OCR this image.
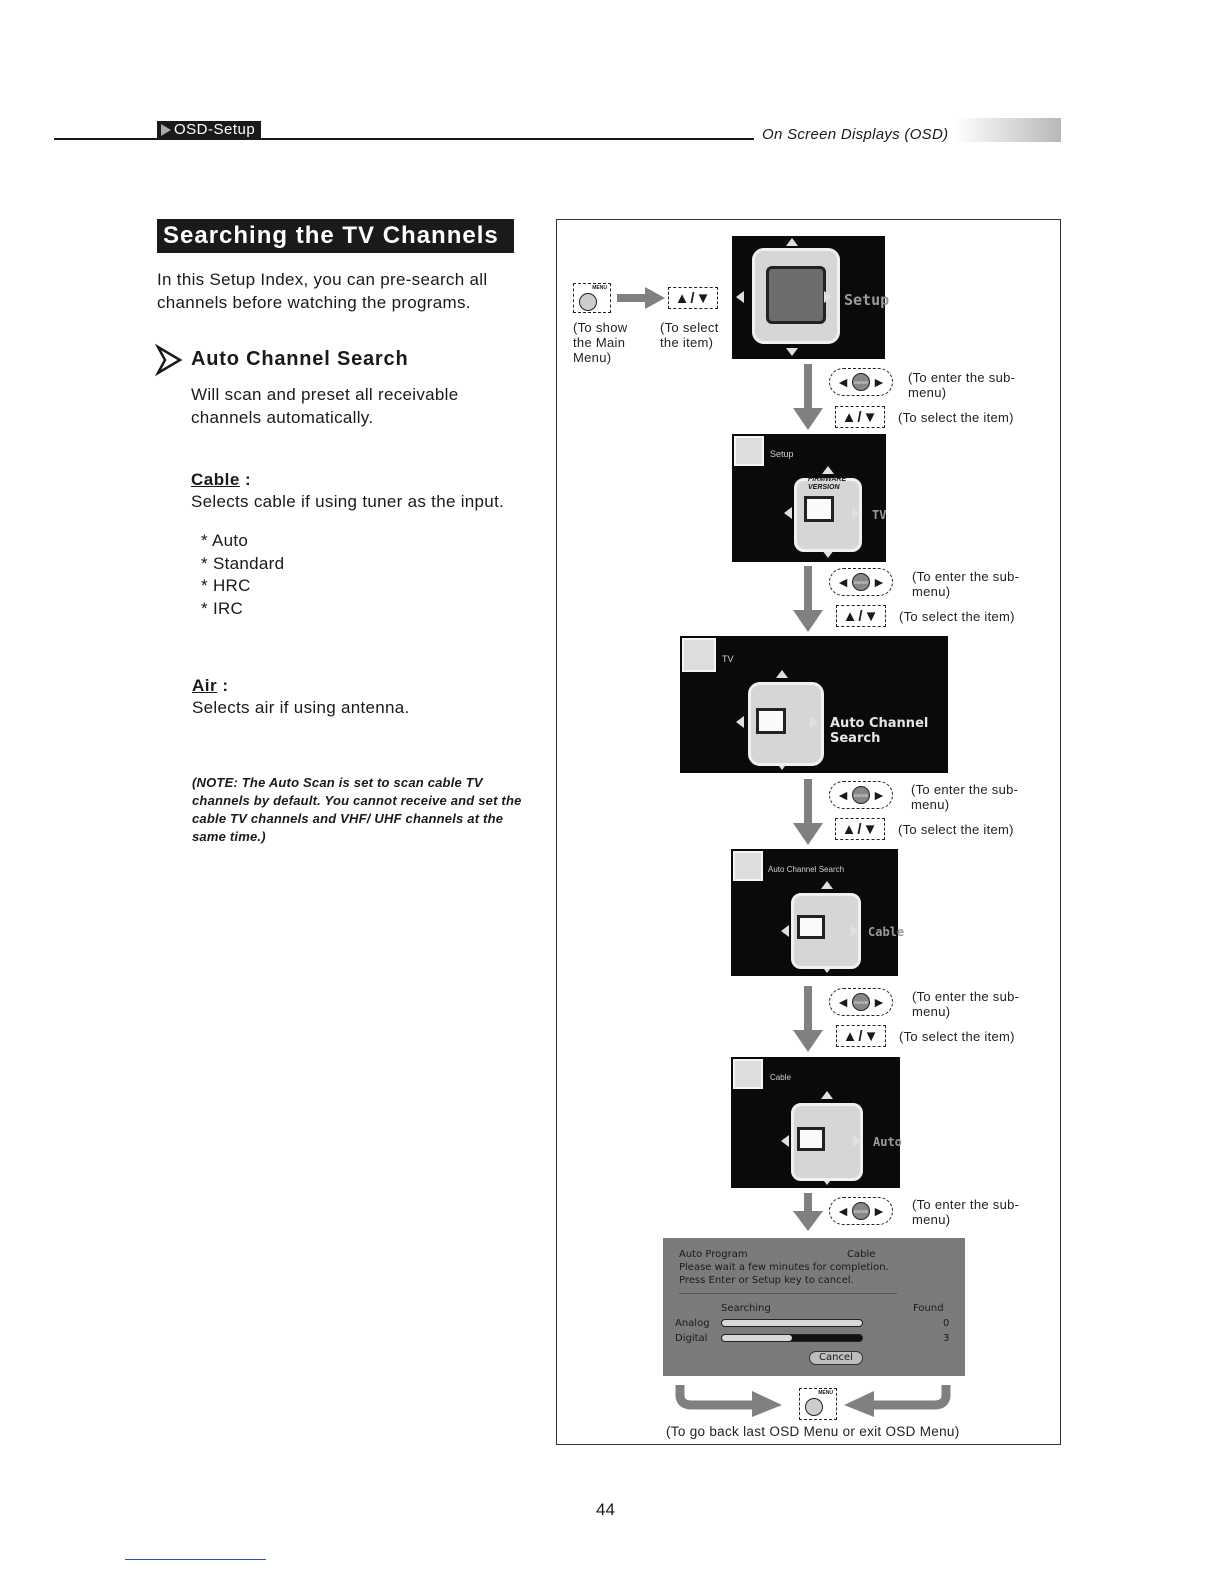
OSD-Setup	On Screen Displays (OSD)
Searching the TV Channels
In this Setup Index, you can pre-search all channels before watching the programs.
Auto Channel Search
Will scan and preset all receivable channels automatically.
Cable :
Selects cable if using tuner as the input.
* Auto
* Standard
* HRC
* IRC
Air :
Selects air if using antenna.
(NOTE: The Auto Scan is set to scan cable TV channels by default. You cannot receive and set the cable TV channels and VHF/ UHF channels at the same time.)
MENU
▲/▼
(To show the Main Menu)
(To select the item)
Setup
◄	ENTER ►	(To enter the sub-menu)
▲/▼	(To select the item)
Setup
FIRMWARE VERSION
TV
◄	ENTER ►	(To enter the sub-menu)
▲/▼	(To select the item)
TV
Auto Channel Search
◄	ENTER ►	(To enter the sub-menu)
▲/▼	(To select the item)
Auto Channel Search
Cable
◄	ENTER ►	(To enter the sub-menu)
▲/▼	(To select the item)
Cable
Auto
◄	ENTER ►	(To enter the sub-menu)
Auto Program	Cable
Please wait a few minutes for completion.
Press Enter or Setup key to cancel.
Searching	Found
Analog	0
Digital	3
Cancel
MENU
(To go back last OSD Menu or exit OSD Menu)
44
